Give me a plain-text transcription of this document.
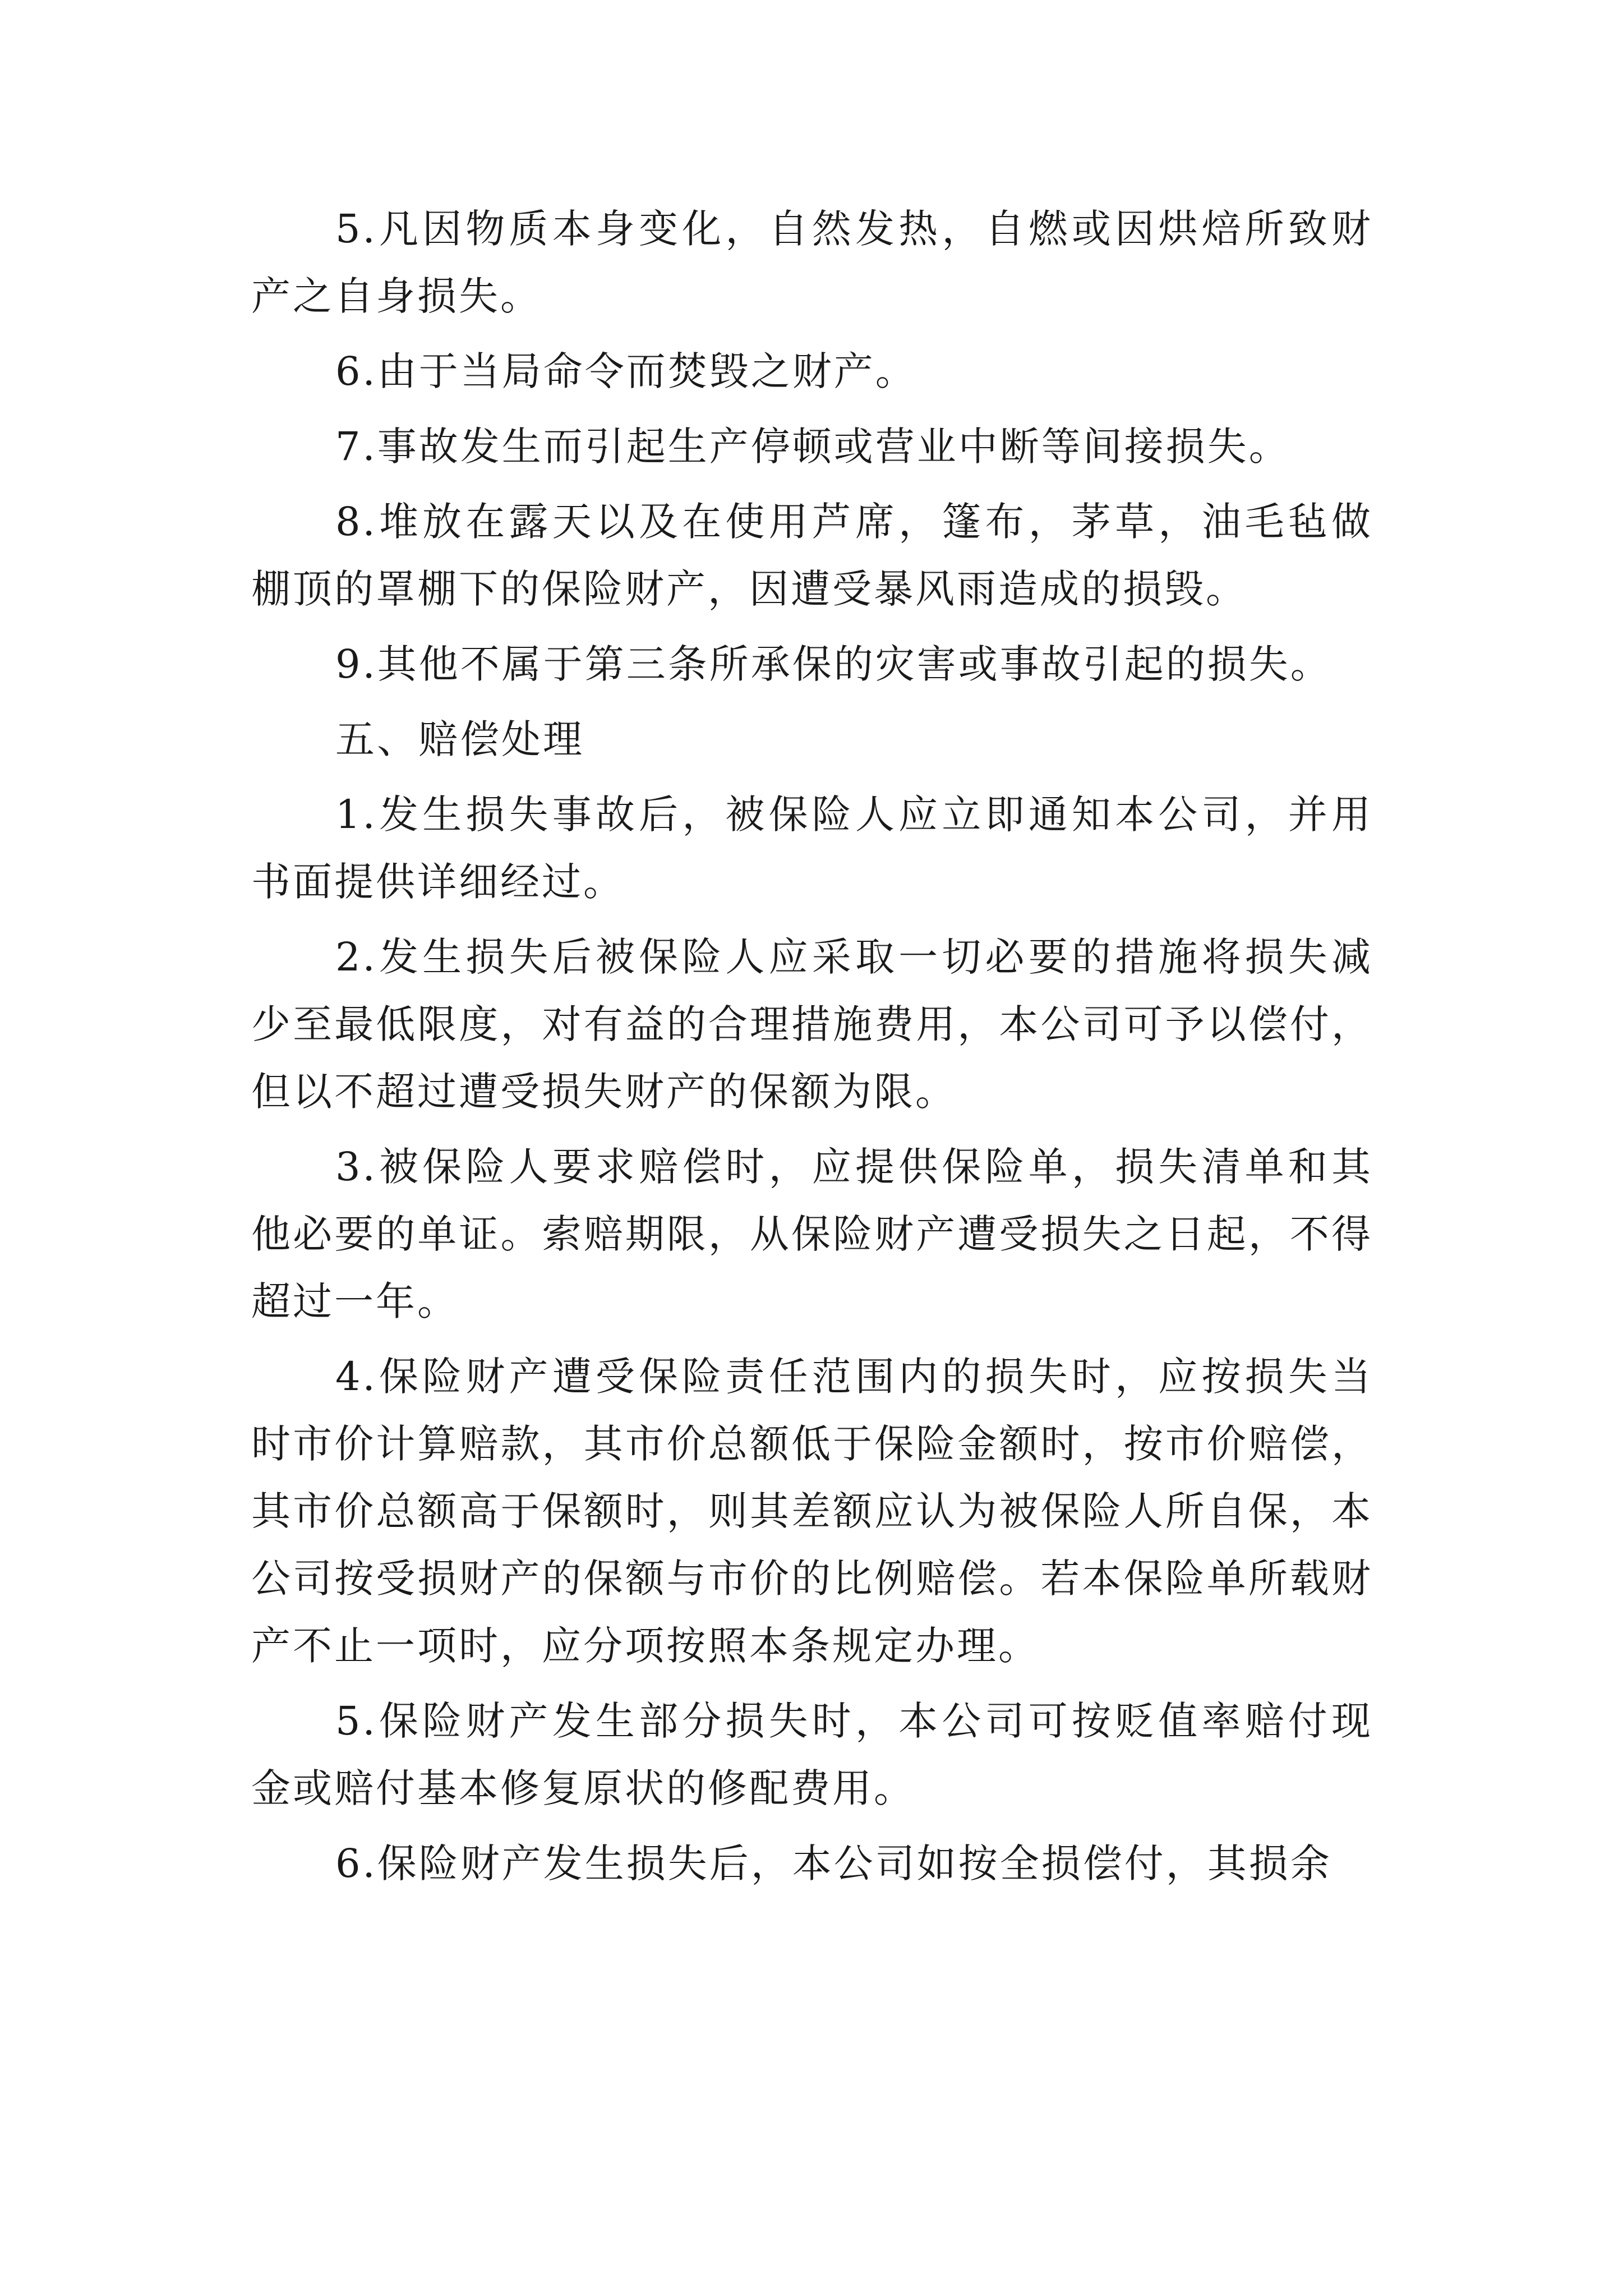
5.凡因物质本身变化，自然发热，自燃或因烘焙所致财产之自身损失。

6.由于当局命令而焚毁之财产。

7.事故发生而引起生产停顿或营业中断等间接损失。

8.堆放在露天以及在使用芦席，篷布，茅草，油毛毡做棚顶的罩棚下的保险财产，因遭受暴风雨造成的损毁。

9.其他不属于第三条所承保的灾害或事故引起的损失。

五、赔偿处理

1.发生损失事故后，被保险人应立即通知本公司，并用书面提供详细经过。

2.发生损失后被保险人应采取一切必要的措施将损失减少至最低限度，对有益的合理措施费用，本公司可予以偿付，但以不超过遭受损失财产的保额为限。

3.被保险人要求赔偿时，应提供保险单，损失清单和其他必要的单证。索赔期限，从保险财产遭受损失之日起，不得超过一年。

4.保险财产遭受保险责任范围内的损失时，应按损失当时市价计算赔款，其市价总额低于保险金额时，按市价赔偿，其市价总额高于保额时，则其差额应认为被保险人所自保，本公司按受损财产的保额与市价的比例赔偿。若本保险单所载财产不止一项时，应分项按照本条规定办理。

5.保险财产发生部分损失时，本公司可按贬值率赔付现金或赔付基本修复原状的修配费用。

6.保险财产发生损失后，本公司如按全损偿付，其损余
